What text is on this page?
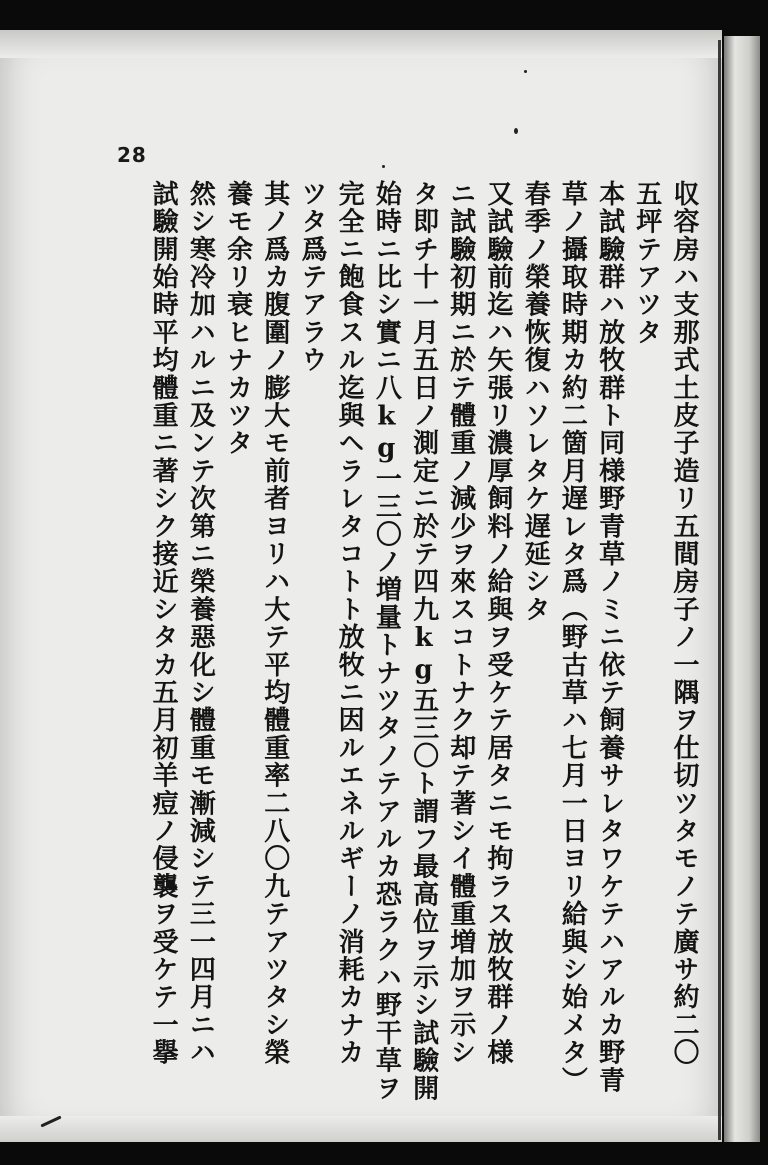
28
収容房ハ支那式土皮子造リ五間房子ノ一隅ヲ仕切ツタモノテ廣サ約二〇
五坪テアツタ
本試驗群ハ放牧群ト同様野青草ノミニ依テ飼養サレタワケテハアルカ野青
草ノ攝取時期カ約二箇月遅レタ爲（野古草ハ七月一日ヨリ給與シ始メタ）
春季ノ榮養恢復ハソレタケ遅延シタ
又試驗前迄ハ矢張リ濃厚飼料ノ給與ヲ受ケテ居タニモ拘ラス放牧群ノ様
ニ試驗初期ニ於テ體重ノ減少ヲ來スコトナク却テ著シイ體重増加ヲ示シ
タ即チ十一月五日ノ測定ニ於テ四九kg五三〇ト謂フ最高位ヲ示シ試驗開
始時ニ比シ實ニ八kg一三〇ノ増量トナツタノテアルカ恐ラクハ野干草ヲ
完全ニ飽食スル迄與ヘラレタコトト放牧ニ因ルエネルギーノ消耗カナカ
ツタ爲テアラウ
其ノ爲カ腹圍ノ膨大モ前者ヨリハ大テ平均體重率二八〇九テアツタシ榮
養モ余リ衰ヒナカツタ
然シ寒冷加ハルニ及ンテ次第ニ榮養惡化シ體重モ漸減シテ三一四月ニハ
試驗開始時平均體重ニ著シク接近シタカ五月初羊痘ノ侵襲ヲ受ケテ一擧
